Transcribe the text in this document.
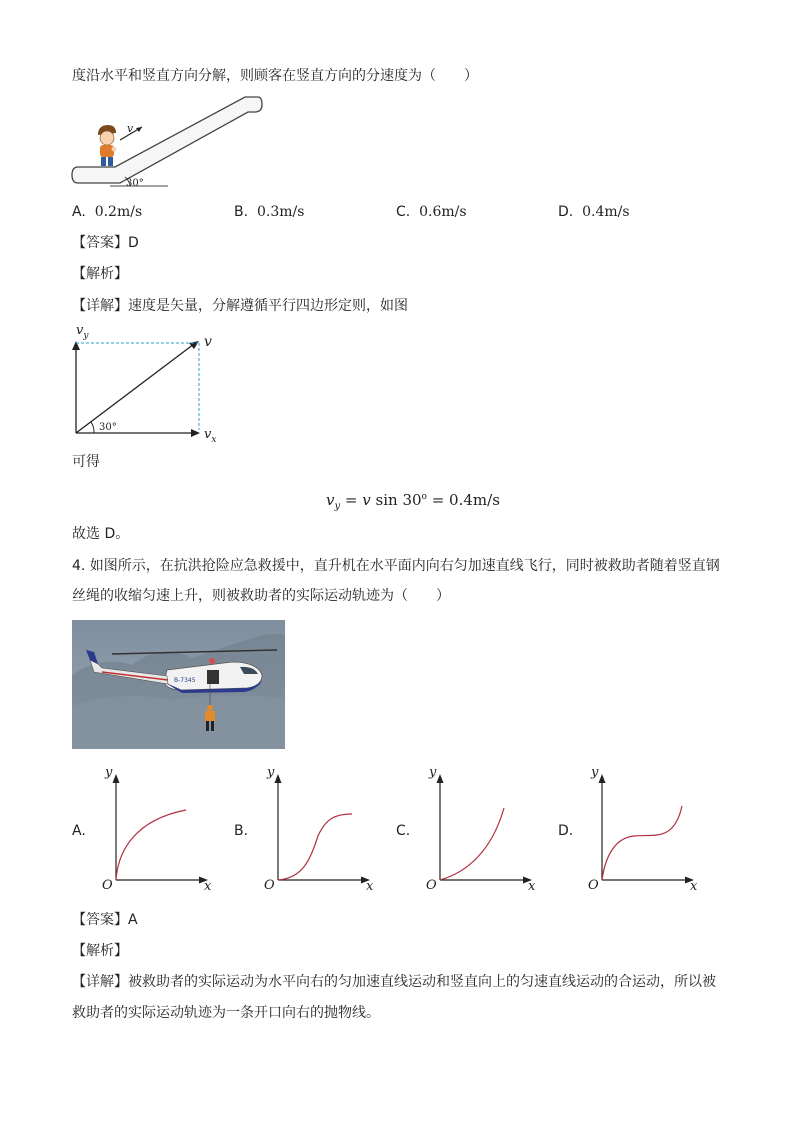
度沿水平和竖直方向分解，则顾客在竖直方向的分速度为（　　）
v
30°
A. 0.2m/s	B. 0.3m/s	C. 0.6m/s	D. 0.4m/s
【答案】D
【解析】
【详解】速度是矢量，分解遵循平行四边形定则，如图
$v_y$
30°
v
$v_x$
可得
$v_y = v$ $\sin 30^o = 0.4m/s$
故选 D。
4. 如图所示，在抗洪抢险应急救援中，直升机在水平面内向右匀加速直线飞行，同时被救助者随着竖直钢
丝绳的收缩匀速上升，则被救助者的实际运动轨迹为（　　）
B-7345
A.
y
x
O
B.
y
x
O
C.
y
x
O
D.
y
x
O
【答案】A
【解析】
【详解】被救助者的实际运动为水平向右的匀加速直线运动和竖直向上的匀速直线运动的合运动，所以被
救助者的实际运动轨迹为一条开口向右的抛物线。
